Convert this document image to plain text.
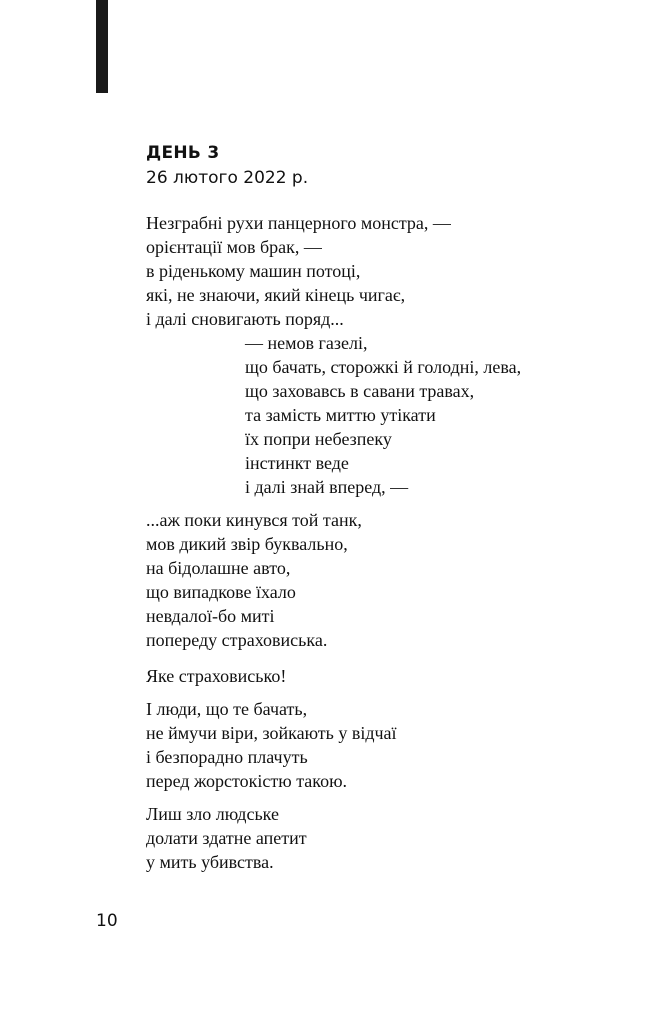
ДЕНЬ 3

26 лютого 2022 р.

Незграбні рухи панцерного монстра, —
орієнтації мов брак, —
в ріденькому машин потоці,
які, не знаючи, який кінець чигає,
і далі сновигають поряд...
— немов газелі,
що бачать, сторожкі й голодні, лева,
що заховавсь в савани травах,
та замість миттю утікати
їх попри небезпеку
інстинкт веде
і далі знай вперед, —
...аж поки кинувся той танк,
мов дикий звір буквально,
на бідолашне авто,
що випадкове їхало
невдалої-бо миті
попереду страховиська.
Яке страховисько!
І люди, що те бачать,
не ймучи віри, зойкають у відчаї
і безпорадно плачуть
перед жорстокістю такою.
Лиш зло людське
долати здатне апетит
у мить убивства.
10
